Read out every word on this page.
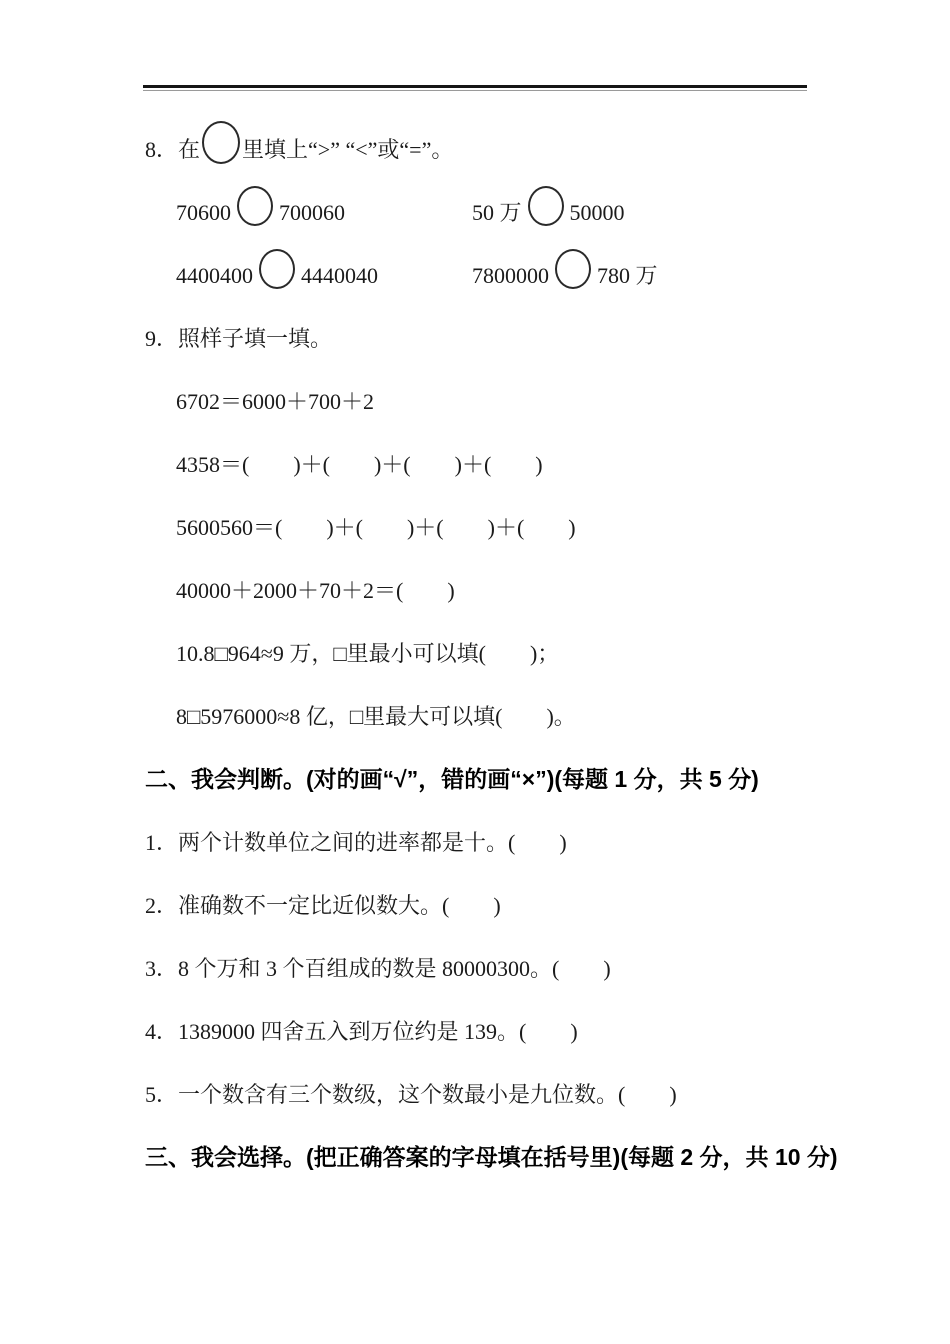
8．在 里填上“>” “<”或“=”。
70600 700060	50 万 50000
4400400 4440040	7800000 780 万
9．照样子填一填。
6702＝6000＋700＋2
4358＝(　　)＋(　　)＋(　　)＋(　　)
5600560＝(　　)＋(　　)＋(　　)＋(　　)
40000＋2000＋70＋2＝(　　)
10.8□964≈9 万，□里最小可以填(　　)；
8□5976000≈8 亿，□里最大可以填(　　)。
二、我会判断。(对的画“√”，错的画“×”)(每题 1 分，共 5 分)
1．两个计数单位之间的进率都是十。(　　)
2．准确数不一定比近似数大。(　　)
3．8 个万和 3 个百组成的数是 80000300。(　　)
4．1389000 四舍五入到万位约是 139。(　　)
5．一个数含有三个数级，这个数最小是九位数。(　　)
三、我会选择。(把正确答案的字母填在括号里)(每题 2 分，共 10 分)
